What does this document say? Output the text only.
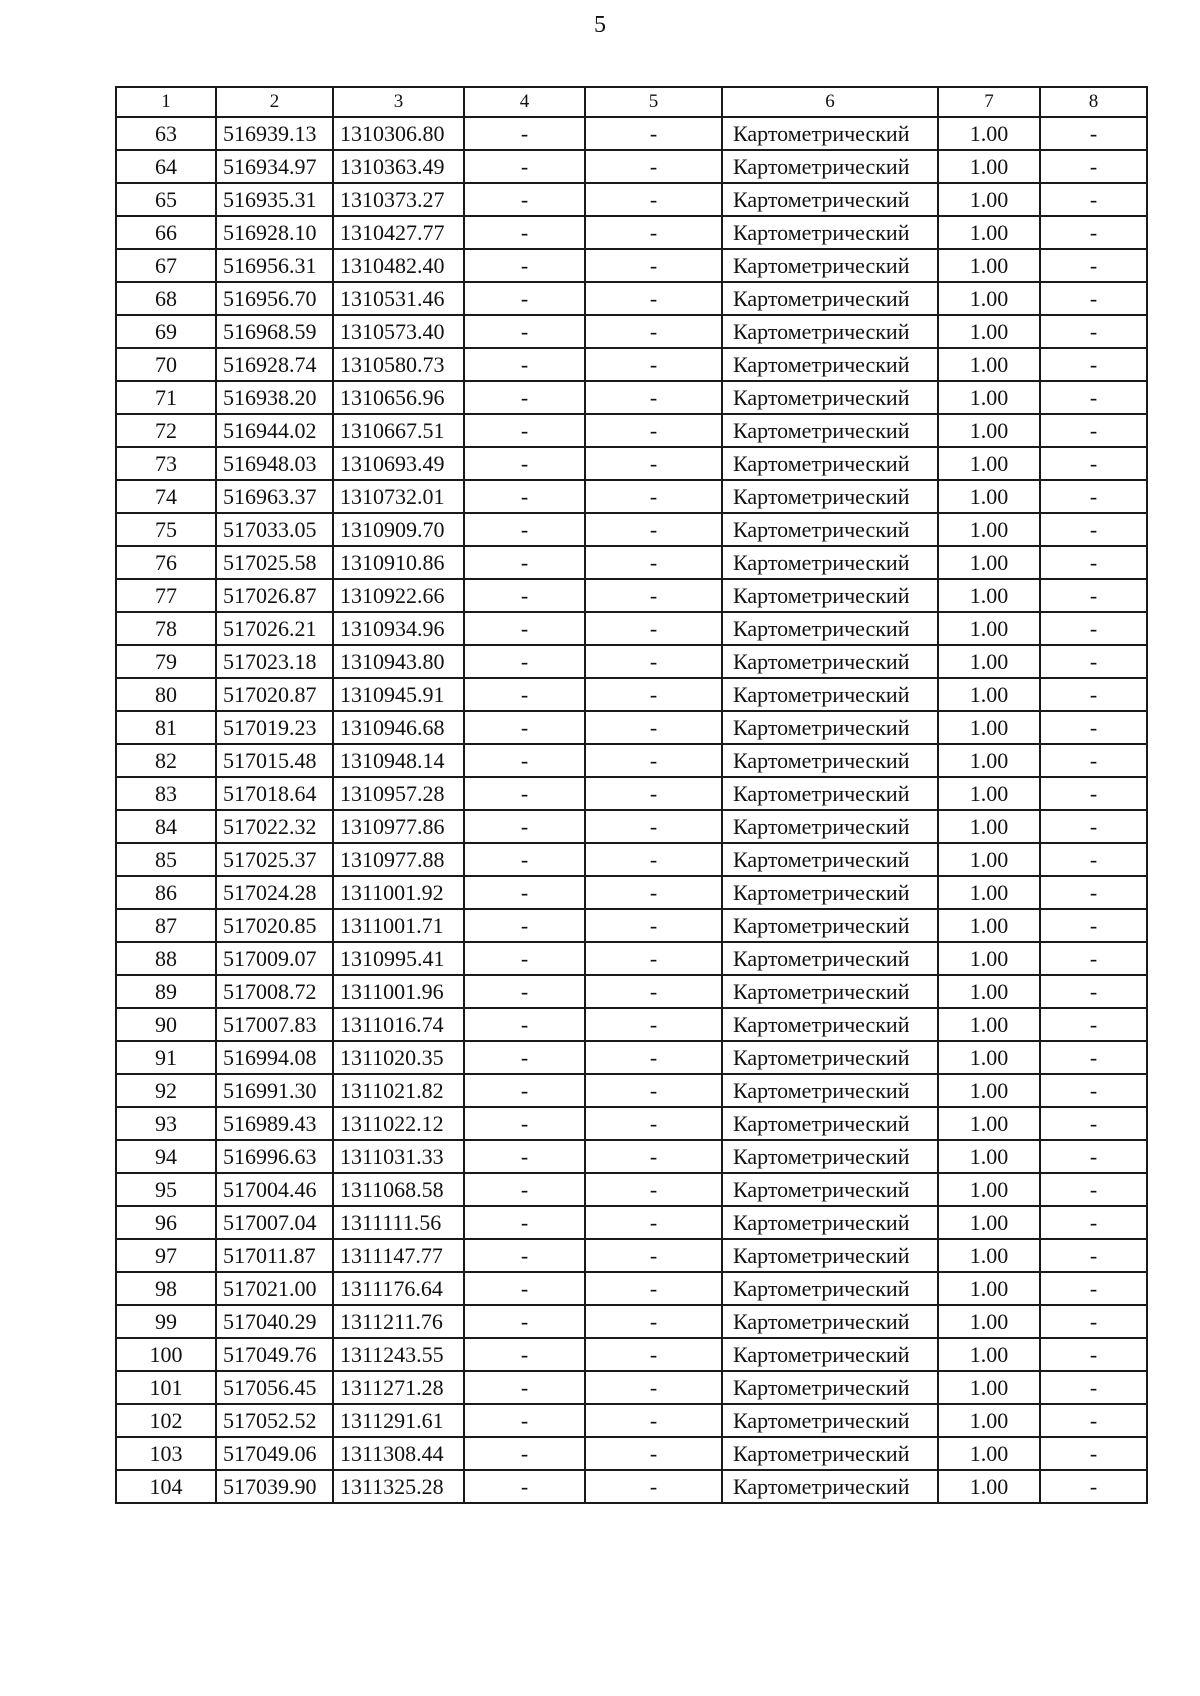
5
1	2	3	4	5	6	7	8
63	516939.13	1310306.80	-	-	Картометрический	1.00	-
64	516934.97	1310363.49	-	-	Картометрический	1.00	-
65	516935.31	1310373.27	-	-	Картометрический	1.00	-
66	516928.10	1310427.77	-	-	Картометрический	1.00	-
67	516956.31	1310482.40	-	-	Картометрический	1.00	-
68	516956.70	1310531.46	-	-	Картометрический	1.00	-
69	516968.59	1310573.40	-	-	Картометрический	1.00	-
70	516928.74	1310580.73	-	-	Картометрический	1.00	-
71	516938.20	1310656.96	-	-	Картометрический	1.00	-
72	516944.02	1310667.51	-	-	Картометрический	1.00	-
73	516948.03	1310693.49	-	-	Картометрический	1.00	-
74	516963.37	1310732.01	-	-	Картометрический	1.00	-
75	517033.05	1310909.70	-	-	Картометрический	1.00	-
76	517025.58	1310910.86	-	-	Картометрический	1.00	-
77	517026.87	1310922.66	-	-	Картометрический	1.00	-
78	517026.21	1310934.96	-	-	Картометрический	1.00	-
79	517023.18	1310943.80	-	-	Картометрический	1.00	-
80	517020.87	1310945.91	-	-	Картометрический	1.00	-
81	517019.23	1310946.68	-	-	Картометрический	1.00	-
82	517015.48	1310948.14	-	-	Картометрический	1.00	-
83	517018.64	1310957.28	-	-	Картометрический	1.00	-
84	517022.32	1310977.86	-	-	Картометрический	1.00	-
85	517025.37	1310977.88	-	-	Картометрический	1.00	-
86	517024.28	1311001.92	-	-	Картометрический	1.00	-
87	517020.85	1311001.71	-	-	Картометрический	1.00	-
88	517009.07	1310995.41	-	-	Картометрический	1.00	-
89	517008.72	1311001.96	-	-	Картометрический	1.00	-
90	517007.83	1311016.74	-	-	Картометрический	1.00	-
91	516994.08	1311020.35	-	-	Картометрический	1.00	-
92	516991.30	1311021.82	-	-	Картометрический	1.00	-
93	516989.43	1311022.12	-	-	Картометрический	1.00	-
94	516996.63	1311031.33	-	-	Картометрический	1.00	-
95	517004.46	1311068.58	-	-	Картометрический	1.00	-
96	517007.04	1311111.56	-	-	Картометрический	1.00	-
97	517011.87	1311147.77	-	-	Картометрический	1.00	-
98	517021.00	1311176.64	-	-	Картометрический	1.00	-
99	517040.29	1311211.76	-	-	Картометрический	1.00	-
100	517049.76	1311243.55	-	-	Картометрический	1.00	-
101	517056.45	1311271.28	-	-	Картометрический	1.00	-
102	517052.52	1311291.61	-	-	Картометрический	1.00	-
103	517049.06	1311308.44	-	-	Картометрический	1.00	-
104	517039.90	1311325.28	-	-	Картометрический	1.00	-
